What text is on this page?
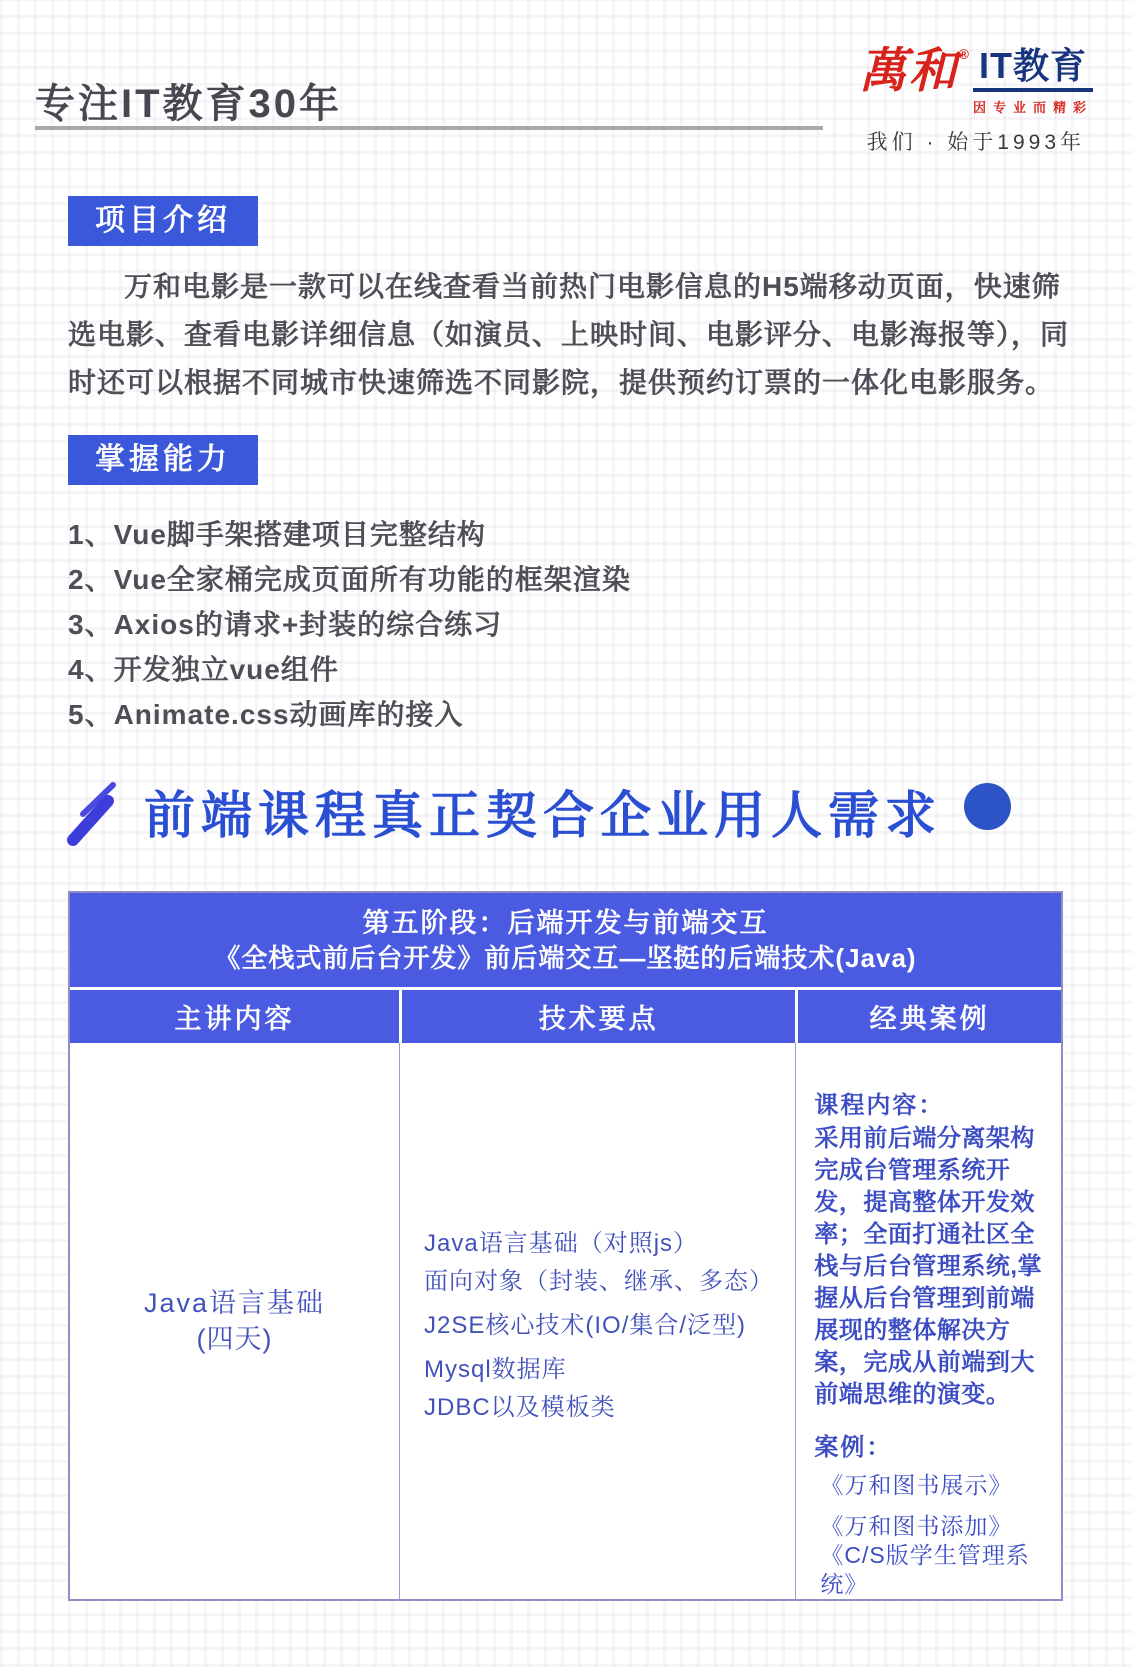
专注IT教育30年
萬和 ® IT教育
因专业而精彩
我们 · 始于1993年
项目介绍

万和电影是一款可以在线查看当前热门电影信息的H5端移动页面，快速筛选电影、查看电影详细信息（如演员、上映时间、电影评分、电影海报等），同时还可以根据不同城市快速筛选不同影院，提供预约订票的一体化电影服务。

掌握能力
1、Vue脚手架搭建项目完整结构
2、Vue全家桶完成页面所有功能的框架渲染
3、Axios的请求+封装的综合练习
4、开发独立vue组件
5、Animate.css动画库的接入
前端课程真正契合企业用人需求
第五阶段：后端开发与前端交互
《全栈式前后台开发》前后端交互—坚挺的后端技术(Java)
主讲内容	技术要点	经典案例
Java语言基础
(四天)
Java语言基础（对照js）
面向对象（封装、继承、多态）
J2SE核心技术(IO/集合/泛型)
Mysql数据库
JDBC以及模板类
课程内容：
采用前后端分离架构完成台管理系统开发，提高整体开发效率；全面打通社区全栈与后台管理系统,掌握从后台管理到前端展现的整体解决方案，完成从前端到大前端思维的演变。
案例：
《万和图书展示》
《万和图书添加》
《C/S版学生管理系统》
